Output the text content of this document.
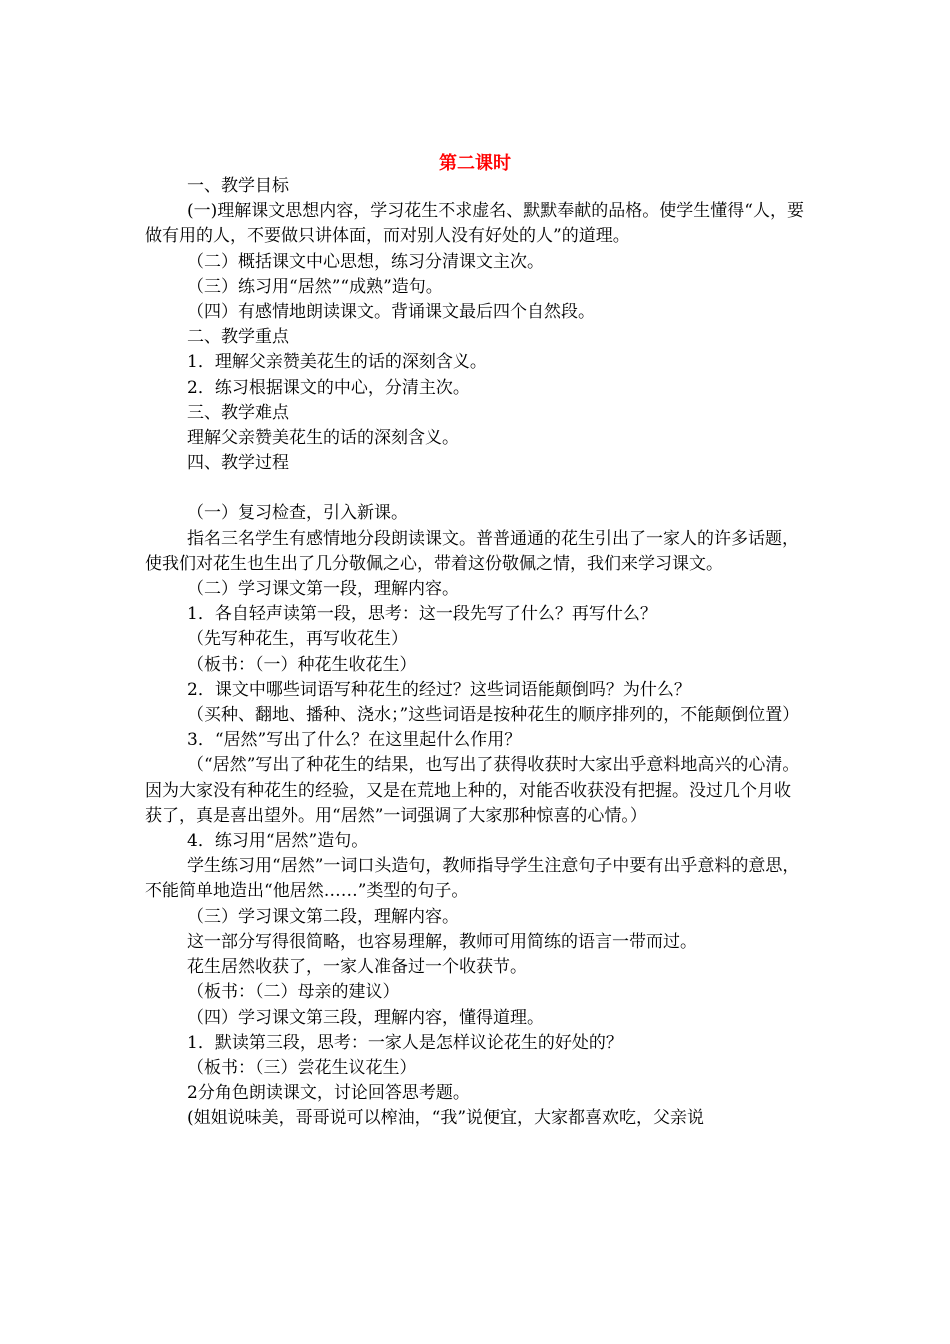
第二课时

一、教学目标

(一)理解课文思想内容，学习花生不求虚名、默默奉献的品格。使学生懂得“人，要做有用的人，不要做只讲体面，而对别人没有好处的人”的道理。

（二）概括课文中心思想，练习分清课文主次。

（三）练习用“居然”“成熟”造句。

（四）有感情地朗读课文。背诵课文最后四个自然段。

二、教学重点

1．理解父亲赞美花生的话的深刻含义。

2．练习根据课文的中心，分清主次。

三、教学难点

理解父亲赞美花生的话的深刻含义。

四、教学过程

（一）复习检查，引入新课。

指名三名学生有感情地分段朗读课文。普普通通的花生引出了一家人的许多话题，使我们对花生也生出了几分敬佩之心，带着这份敬佩之情，我们来学习课文。

（二）学习课文第一段，理解内容。

1．各自轻声读第一段，思考：这一段先写了什么？再写什么？

（先写种花生，再写收花生）

（板书：（一）种花生收花生）

2．课文中哪些词语写种花生的经过？这些词语能颠倒吗？为什么？

（买种、翻地、播种、浇水；”这些词语是按种花生的顺序排列的，不能颠倒位置）

3．“居然”写出了什么？在这里起什么作用？

（“居然”写出了种花生的结果，也写出了获得收获时大家出乎意料地高兴的心清。因为大家没有种花生的经验，又是在荒地上种的，对能否收获没有把握。没过几个月收获了，真是喜出望外。用“居然”一词强调了大家那种惊喜的心情。）

4．练习用“居然”造句。

学生练习用“居然”一词口头造句，教师指导学生注意句子中要有出乎意料的意思，不能简单地造出“他居然……”类型的句子。

（三）学习课文第二段，理解内容。

这一部分写得很简略，也容易理解，教师可用简练的语言一带而过。

花生居然收获了，一家人准备过一个收获节。

（板书：（二）母亲的建议）

（四）学习课文第三段，理解内容，懂得道理。

1．默读第三段，思考：一家人是怎样议论花生的好处的？

（板书：（三）尝花生议花生）

2分角色朗读课文，讨论回答思考题。

(姐姐说味美，哥哥说可以榨油，“我”说便宜，大家都喜欢吃，父亲说
